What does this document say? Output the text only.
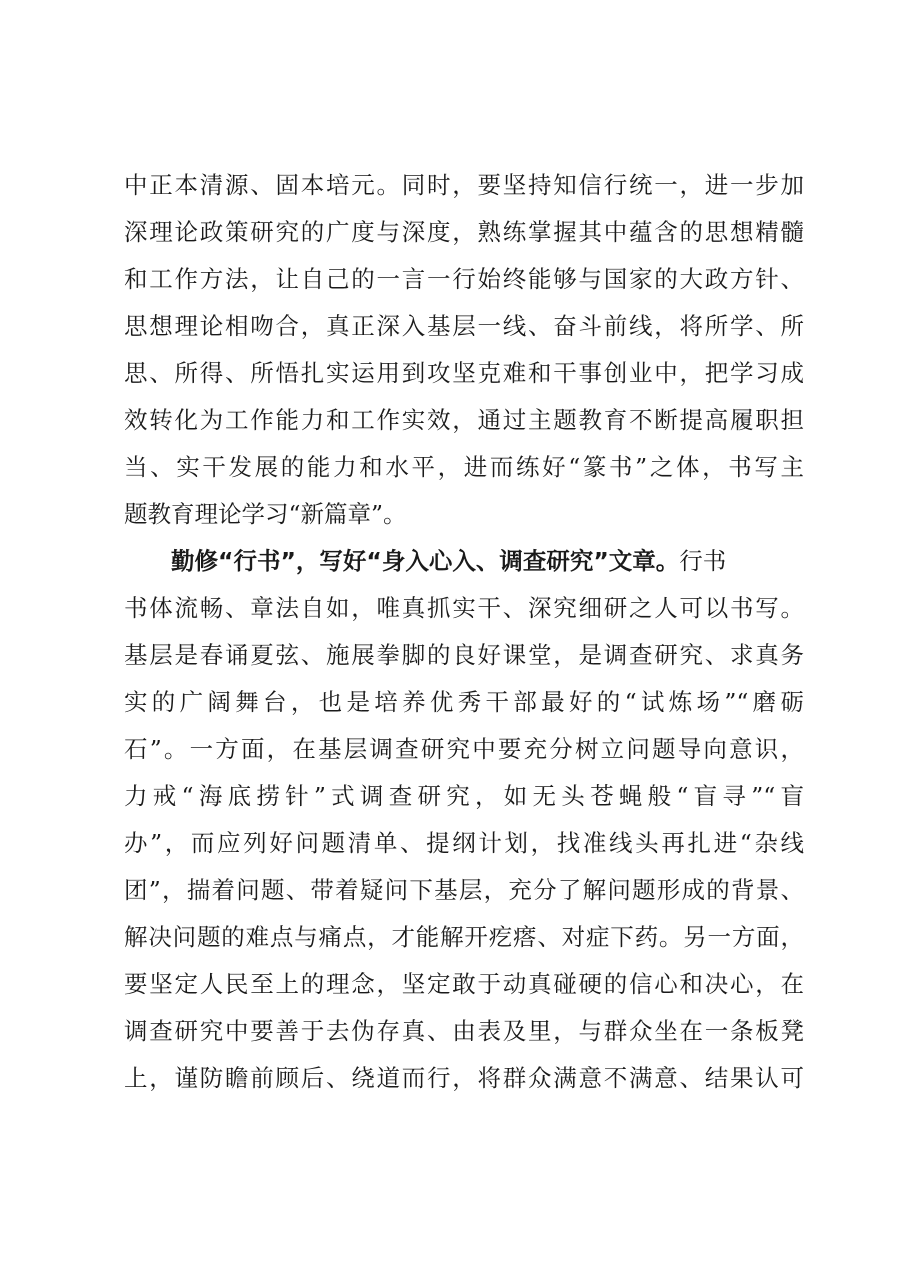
中正本清源、固本培元。同时，要坚持知信行统一，进一步加
深理论政策研究的广度与深度，熟练掌握其中蕴含的思想精髓
和工作方法，让自己的一言一行始终能够与国家的大政方针、
思想理论相吻合，真正深入基层一线、奋斗前线，将所学、所
思、所得、所悟扎实运用到攻坚克难和干事创业中，把学习成
效转化为工作能力和工作实效，通过主题教育不断提高履职担
当、实干发展的能力和水平，进而练好“篆书”之体，书写主
题教育理论学习“新篇章”。
勤修“行书”，写好“身入心入、调查研究”文章。行书
书体流畅、章法自如，唯真抓实干、深究细研之人可以书写。
基层是春诵夏弦、施展拳脚的良好课堂，是调查研究、求真务
实的广阔舞台，也是培养优秀干部最好的“试炼场”“磨砺
石”。一方面，在基层调查研究中要充分树立问题导向意识，
力戒“海底捞针”式调查研究，如无头苍蝇般“盲寻”“盲
办”，而应列好问题清单、提纲计划，找准线头再扎进“杂线
团”，揣着问题、带着疑问下基层，充分了解问题形成的背景、
解决问题的难点与痛点，才能解开疙瘩、对症下药。另一方面，
要坚定人民至上的理念，坚定敢于动真碰硬的信心和决心，在
调查研究中要善于去伪存真、由表及里，与群众坐在一条板凳
上，谨防瞻前顾后、绕道而行，将群众满意不满意、结果认可
